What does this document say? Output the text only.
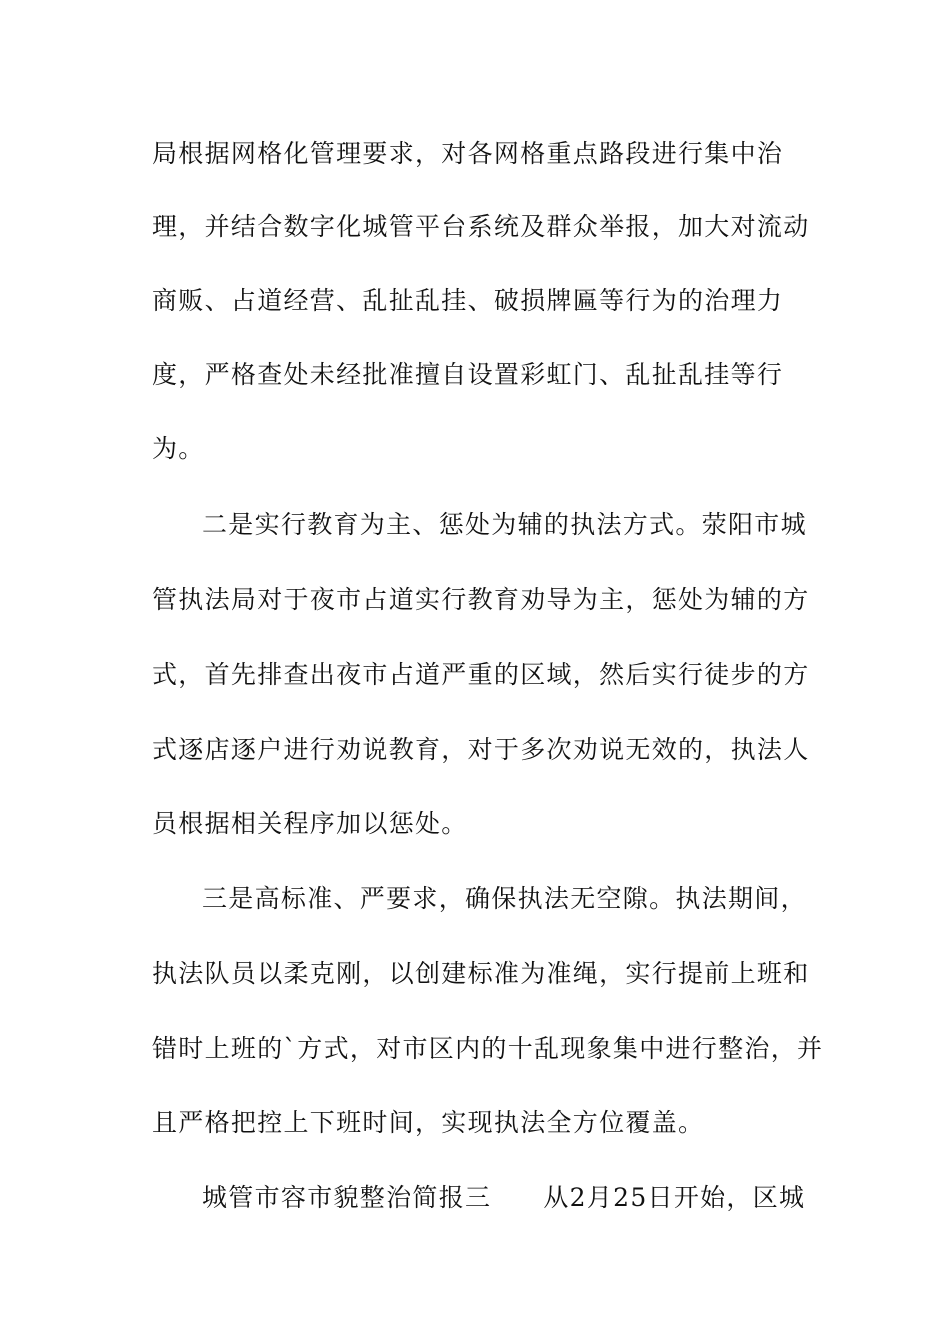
局根据网格化管理要求，对各网格重点路段进行集中治
理，并结合数字化城管平台系统及群众举报，加大对流动
商贩、占道经营、乱扯乱挂、破损牌匾等行为的治理力
度，严格查处未经批准擅自设置彩虹门、乱扯乱挂等行
为。
二是实行教育为主、惩处为辅的执法方式。荥阳市城
管执法局对于夜市占道实行教育劝导为主，惩处为辅的方
式，首先排查出夜市占道严重的区域，然后实行徒步的方
式逐店逐户进行劝说教育，对于多次劝说无效的，执法人
员根据相关程序加以惩处。
三是高标准、严要求，确保执法无空隙。执法期间，
执法队员以柔克刚，以创建标准为准绳，实行提前上班和
错时上班的`方式，对市区内的十乱现象集中进行整治，并
且严格把控上下班时间，实现执法全方位覆盖。
城管市容市貌整治简报三 从2月25日开始，区城
